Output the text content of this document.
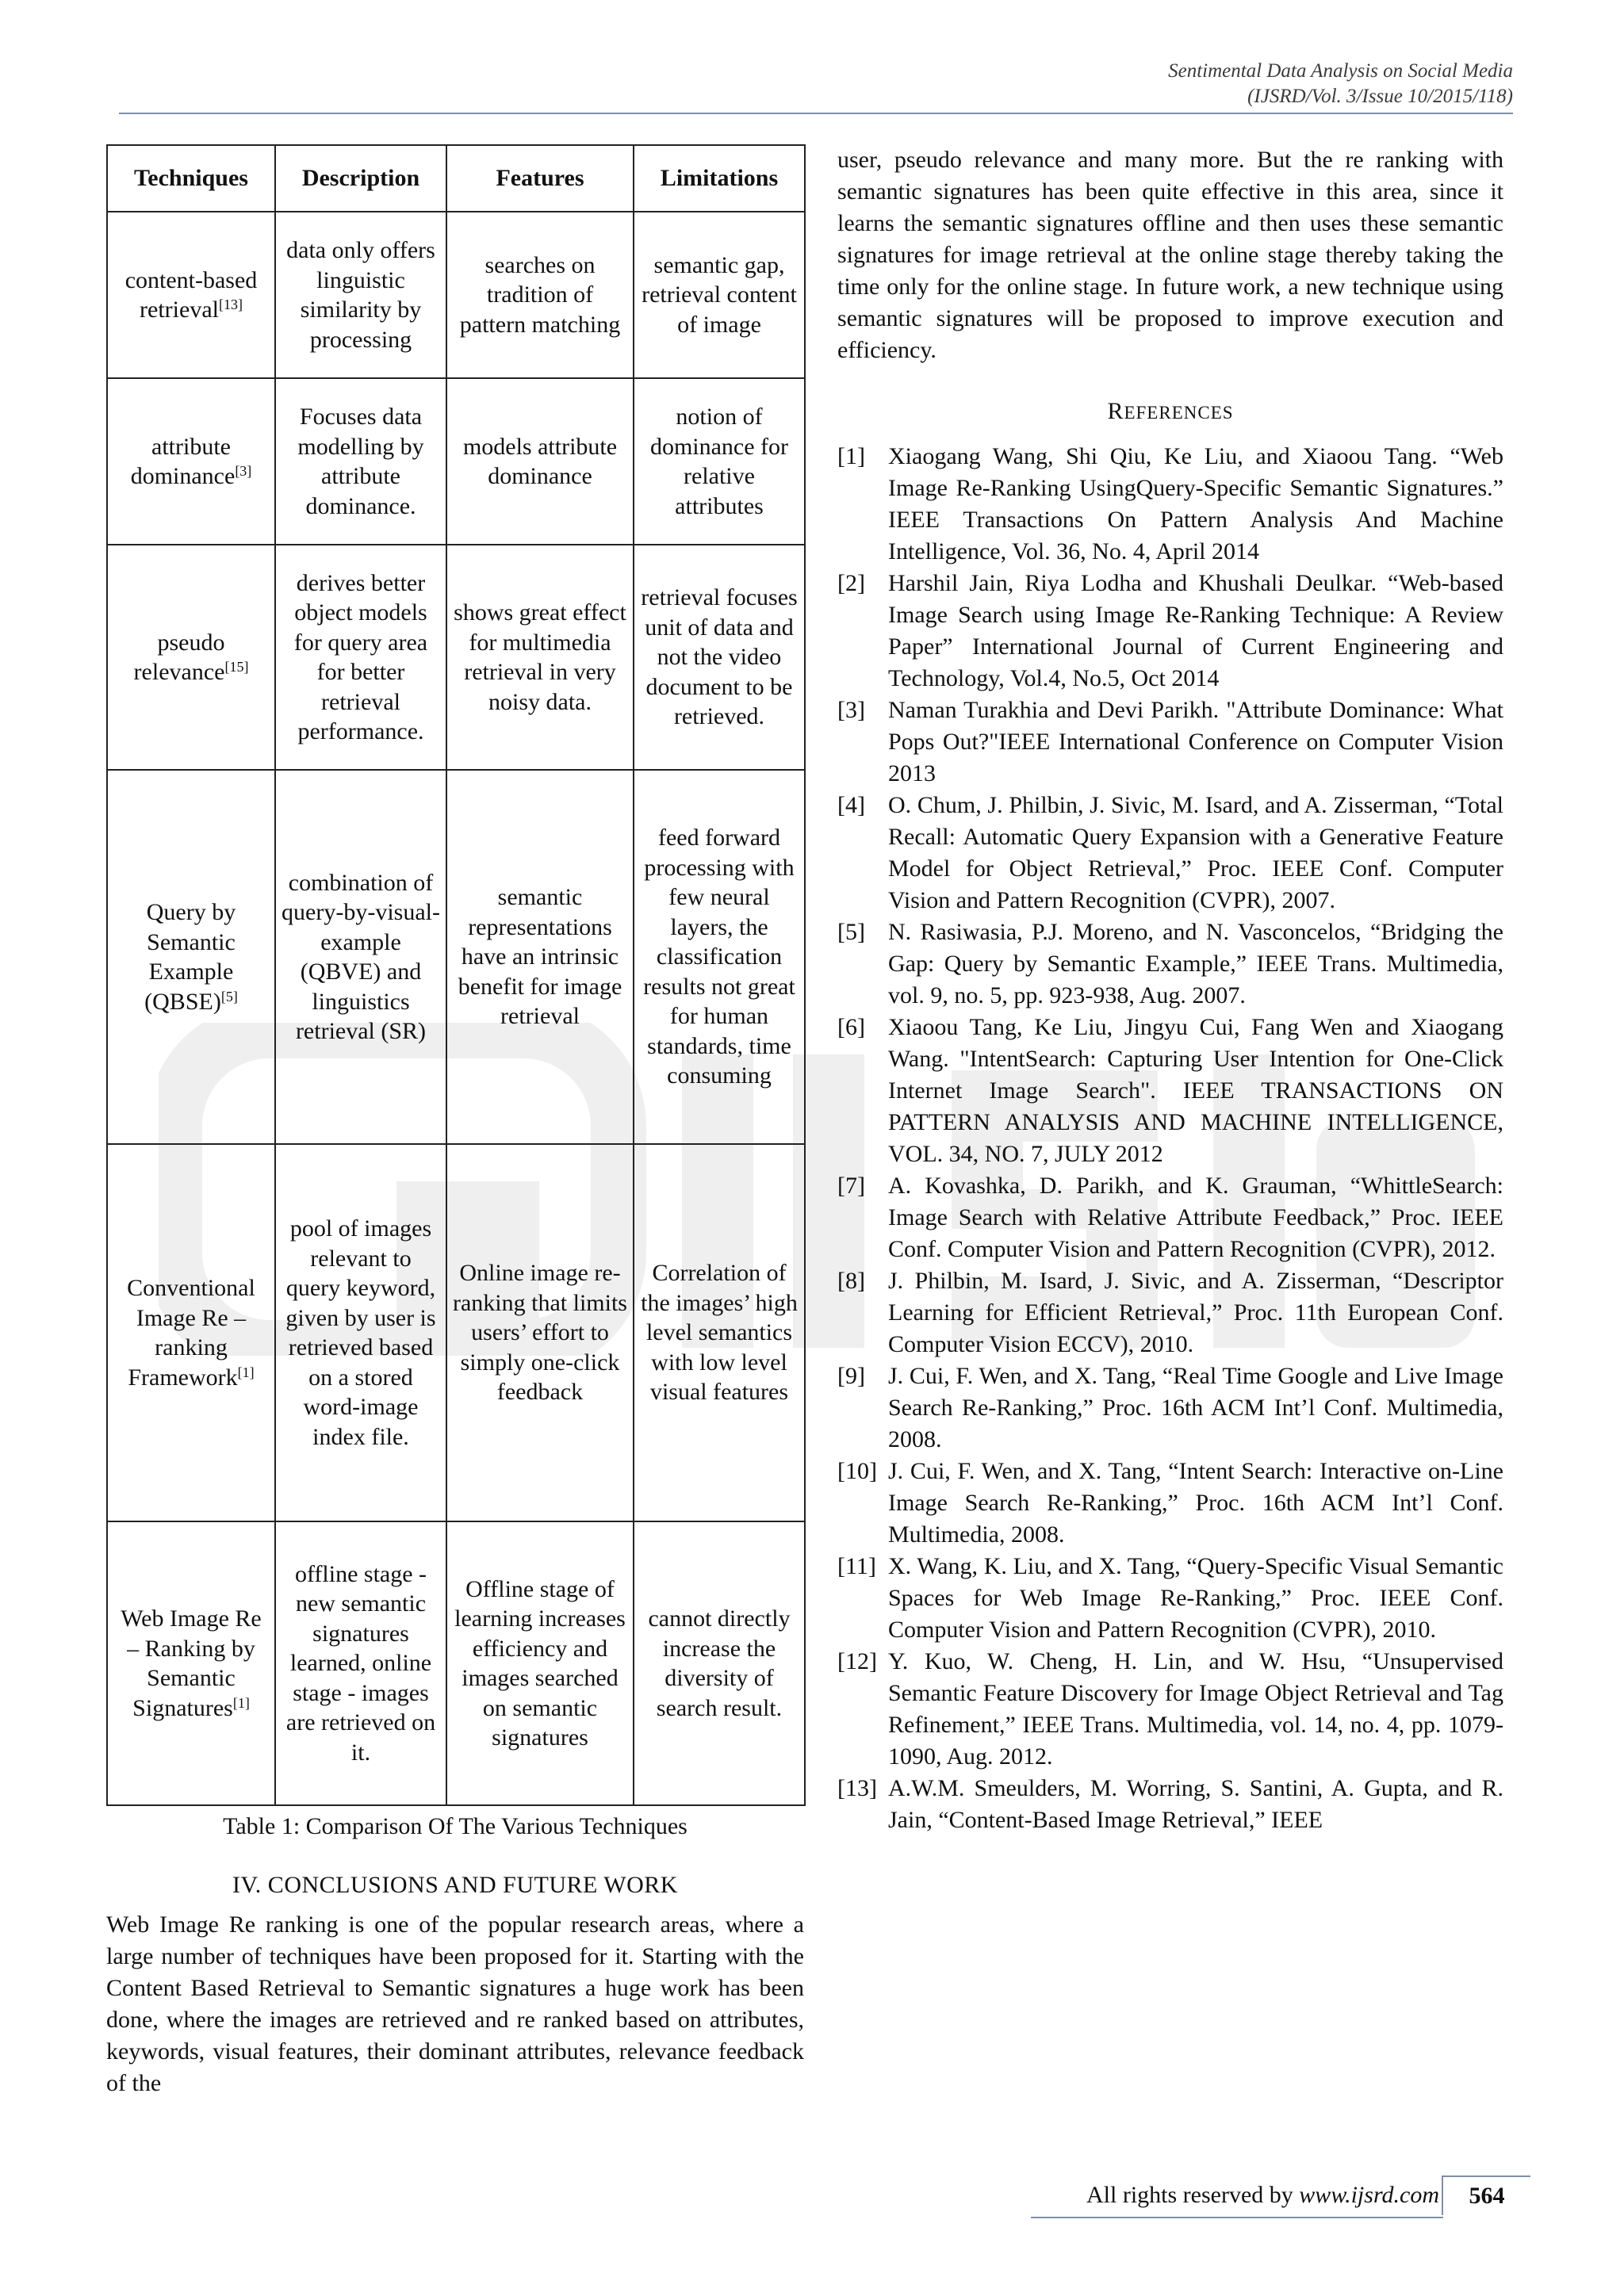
Sentimental Data Analysis on Social Media
(IJSRD/Vol. 3/Issue 10/2015/118)
Techniques	Description	Features	Limitations
content-based retrieval[13]	data only offers linguistic similarity by processing	searches on tradition of pattern matching	semantic gap, retrieval content of image
attribute dominance[3]	Focuses data modelling by attribute dominance.	models attribute dominance	notion of dominance for relative attributes
pseudo relevance[15]	derives better object models for query area for better retrieval performance.	shows great effect for multimedia retrieval in very noisy data.	retrieval focuses unit of data and not the video document to be retrieved.
Query by Semantic Example (QBSE)[5]	combination of query-by-visual-example (QBVE) and linguistics retrieval (SR)	semantic representations have an intrinsic benefit for image retrieval	feed forward processing with few neural layers, the classification results not great for human standards, time consuming
Conventional Image Re – ranking Framework[1]	pool of images relevant to query keyword, given by user is retrieved based on a stored word-image index file.	Online image re-ranking that limits users’ effort to simply one-click feedback	Correlation of the images’ high level semantics with low level visual features
Web Image Re – Ranking by Semantic Signatures[1]	offline stage - new semantic signatures learned, online stage - images are retrieved on it.	Offline stage of learning increases efficiency and images searched on semantic signatures	cannot directly increase the diversity of search result.
Table 1: Comparison Of The Various Techniques
IV. CONCLUSIONS AND FUTURE WORK
Web Image Re ranking is one of the popular research areas, where a large number of techniques have been proposed for it. Starting with the Content Based Retrieval to Semantic signatures a huge work has been done, where the images are retrieved and re ranked based on attributes, keywords, visual features, their dominant attributes, relevance feedback of the
user, pseudo relevance and many more. But the re ranking with semantic signatures has been quite effective in this area, since it learns the semantic signatures offline and then uses these semantic signatures for image retrieval at the online stage thereby taking the time only for the online stage. In future work, a new technique using semantic signatures will be proposed to improve execution and efficiency.
REFERENCES
[1] Xiaogang Wang, Shi Qiu, Ke Liu, and Xiaoou Tang. “Web Image Re-Ranking UsingQuery-Specific Semantic Signatures.” IEEE Transactions On Pattern Analysis And Machine Intelligence, Vol. 36, No. 4, April 2014
[2] Harshil Jain, Riya Lodha and Khushali Deulkar. “Web-based Image Search using Image Re-Ranking Technique: A Review Paper” International Journal of Current Engineering and Technology, Vol.4, No.5, Oct 2014
[3] Naman Turakhia and Devi Parikh. "Attribute Dominance: What Pops Out?"IEEE International Conference on Computer Vision 2013
[4] O. Chum, J. Philbin, J. Sivic, M. Isard, and A. Zisserman, “Total Recall: Automatic Query Expansion with a Generative Feature Model for Object Retrieval,” Proc. IEEE Conf. Computer Vision and Pattern Recognition (CVPR), 2007.
[5] N. Rasiwasia, P.J. Moreno, and N. Vasconcelos, “Bridging the Gap: Query by Semantic Example,” IEEE Trans. Multimedia, vol. 9, no. 5, pp. 923-938, Aug. 2007.
[6] Xiaoou Tang, Ke Liu, Jingyu Cui, Fang Wen and Xiaogang Wang. "IntentSearch: Capturing User Intention for One-Click Internet Image Search". IEEE TRANSACTIONS ON PATTERN ANALYSIS AND MACHINE INTELLIGENCE, VOL. 34, NO. 7, JULY 2012
[7] A. Kovashka, D. Parikh, and K. Grauman, “WhittleSearch: Image Search with Relative Attribute Feedback,” Proc. IEEE Conf. Computer Vision and Pattern Recognition (CVPR), 2012.
[8] J. Philbin, M. Isard, J. Sivic, and A. Zisserman, “Descriptor Learning for Efficient Retrieval,” Proc. 11th European Conf. Computer Vision ECCV), 2010.
[9] J. Cui, F. Wen, and X. Tang, “Real Time Google and Live Image Search Re-Ranking,” Proc. 16th ACM Int’l Conf. Multimedia, 2008.
[10] J. Cui, F. Wen, and X. Tang, “Intent Search: Interactive on-Line Image Search Re-Ranking,” Proc. 16th ACM Int’l Conf. Multimedia, 2008.
[11] X. Wang, K. Liu, and X. Tang, “Query-Specific Visual Semantic Spaces for Web Image Re-Ranking,” Proc. IEEE Conf. Computer Vision and Pattern Recognition (CVPR), 2010.
[12] Y. Kuo, W. Cheng, H. Lin, and W. Hsu, “Unsupervised Semantic Feature Discovery for Image Object Retrieval and Tag Refinement,” IEEE Trans. Multimedia, vol. 14, no. 4, pp. 1079-1090, Aug. 2012.
[13] A.W.M. Smeulders, M. Worring, S. Santini, A. Gupta, and R. Jain, “Content-Based Image Retrieval,” IEEE
All rights reserved by www.ijsrd.com	564
